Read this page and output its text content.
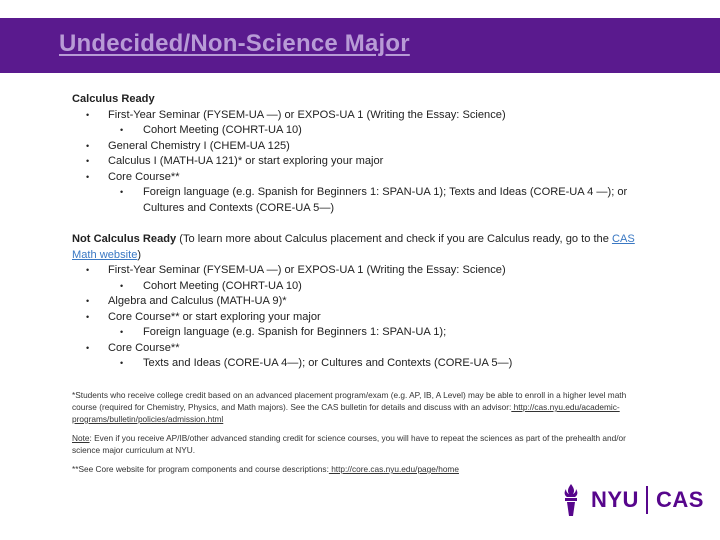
Undecided/Non-Science Major
Calculus Ready
• First-Year Seminar (FYSEM-UA —) or EXPOS-UA 1 (Writing the Essay: Science)
• Cohort Meeting (COHRT-UA 10)
• General Chemistry I (CHEM-UA 125)
• Calculus I (MATH-UA 121)* or start exploring your major
• Core Course**
• Foreign language (e.g. Spanish for Beginners 1: SPAN-UA 1); Texts and Ideas (CORE-UA 4 —); or Cultures and Contexts (CORE-UA 5—)
Not Calculus Ready (To learn more about Calculus placement and check if you are Calculus ready, go to the CAS Math website)
• First-Year Seminar (FYSEM-UA —) or EXPOS-UA 1 (Writing the Essay: Science)
• Cohort Meeting (COHRT-UA 10)
• Algebra and Calculus (MATH-UA 9)*
• Core Course** or start exploring your major
• Foreign language (e.g. Spanish for Beginners 1: SPAN-UA 1);
• Core Course**
• Texts and Ideas (CORE-UA 4—); or Cultures and Contexts (CORE-UA 5—)

*Students who receive college credit based on an advanced placement program/exam (e.g. AP, IB, A Level) may be able to enroll in a higher level math course (required for Chemistry, Physics, and Math majors). See the CAS bulletin for details and discuss with an advisor: http://cas.nyu.edu/academic-programs/bulletin/policies/admission.html

Note: Even if you receive AP/IB/other advanced standing credit for science courses, you will have to repeat the sciences as part of the prehealth and/or science major curriculum at NYU.

**See Core website for program components and course descriptions: http://core.cas.nyu.edu/page/home

NYU CAS
